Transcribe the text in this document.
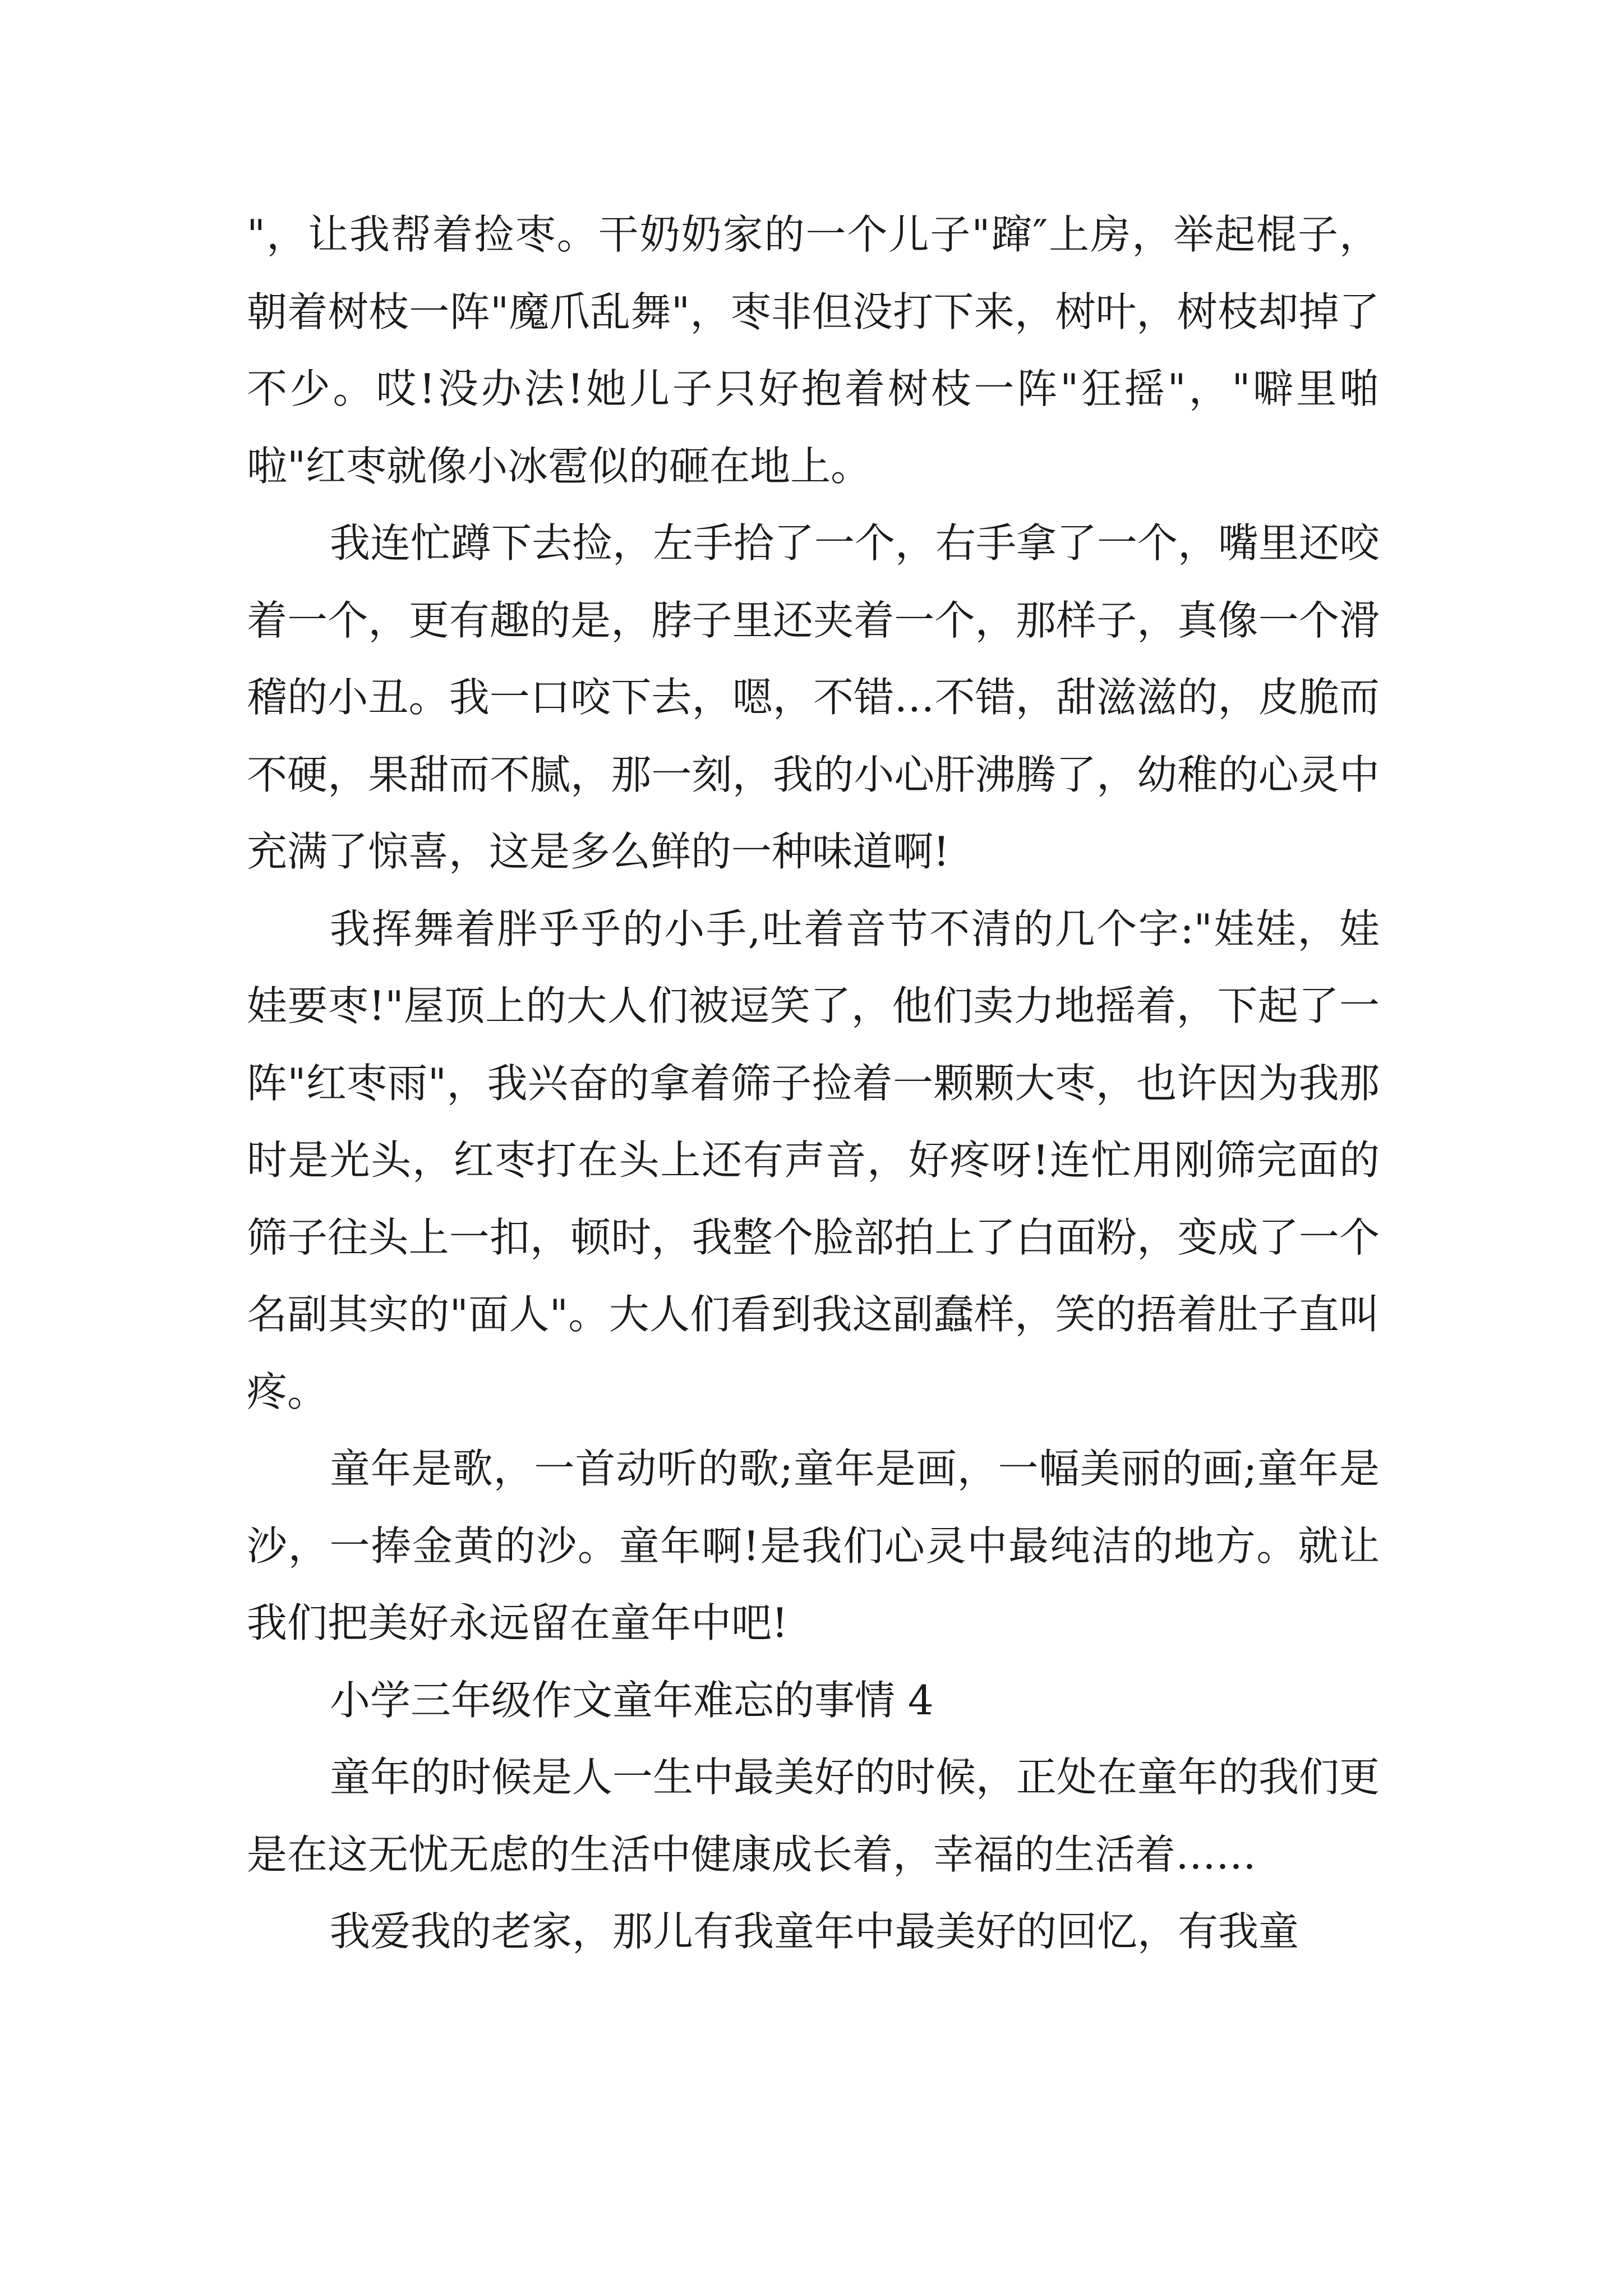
"，让我帮着捡枣。干奶奶家的一个儿子"蹿″上房，举起棍子，朝着树枝一阵"魔爪乱舞"，枣非但没打下来，树叶，树枝却掉了不少。哎!没办法!她儿子只好抱着树枝一阵"狂摇"，"噼里啪啦"红枣就像小冰雹似的砸在地上。

我连忙蹲下去捡，左手拾了一个，右手拿了一个，嘴里还咬着一个，更有趣的是，脖子里还夹着一个，那样子，真像一个滑稽的小丑。我一口咬下去，嗯，不错…不错，甜滋滋的，皮脆而不硬，果甜而不腻，那一刻，我的小心肝沸腾了，幼稚的心灵中充满了惊喜，这是多么鲜的一种味道啊!

我挥舞着胖乎乎的小手,吐着音节不清的几个字:"娃娃，娃娃要枣!"屋顶上的大人们被逗笑了，他们卖力地摇着，下起了一阵"红枣雨"，我兴奋的拿着筛子捡着一颗颗大枣，也许因为我那时是光头，红枣打在头上还有声音，好疼呀!连忙用刚筛完面的筛子往头上一扣，顿时，我整个脸部拍上了白面粉，变成了一个名副其实的"面人"。大人们看到我这副蠢样，笑的捂着肚子直叫疼。

童年是歌，一首动听的歌;童年是画，一幅美丽的画;童年是沙，一捧金黄的沙。童年啊!是我们心灵中最纯洁的地方。就让我们把美好永远留在童年中吧!

小学三年级作文童年难忘的事情 4

童年的时候是人一生中最美好的时候，正处在童年的我们更是在这无忧无虑的生活中健康成长着，幸福的生活着……

我爱我的老家，那儿有我童年中最美好的回忆，有我童
